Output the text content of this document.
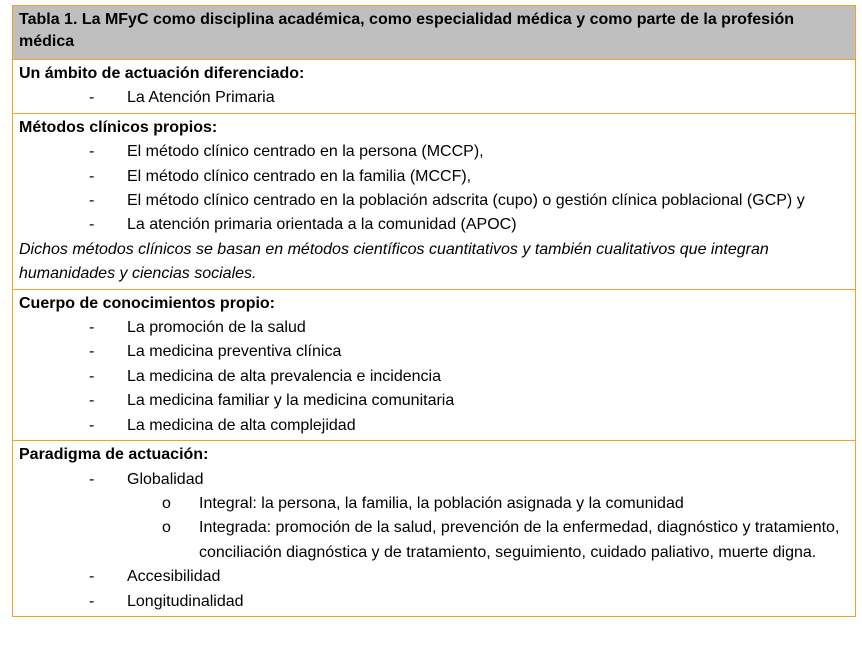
Tabla 1. La MFyC como disciplina académica, como especialidad médica y como parte de la profesión médica
Un ámbito de actuación diferenciado:
-	La Atención Primaria
Métodos clínicos propios:
-	El método clínico centrado en la persona (MCCP),
-	El método clínico centrado en la familia (MCCF),
-	El método clínico centrado en la población adscrita (cupo) o gestión clínica poblacional (GCP) y
-	La atención primaria orientada a la comunidad (APOC)
Dichos métodos clínicos se basan en métodos científicos cuantitativos y también cualitativos que integran humanidades y ciencias sociales.
Cuerpo de conocimientos propio:
-	La promoción de la salud
-	La medicina preventiva clínica
-	La medicina de alta prevalencia e incidencia
-	La medicina familiar y la medicina comunitaria
-	La medicina de alta complejidad
Paradigma de actuación:
-	Globalidad
o	Integral: la persona, la familia, la población asignada y la comunidad
o	Integrada: promoción de la salud, prevención de la enfermedad, diagnóstico y tratamiento, conciliación diagnóstica y de tratamiento, seguimiento, cuidado paliativo, muerte digna.
-	Accesibilidad
-	Longitudinalidad
